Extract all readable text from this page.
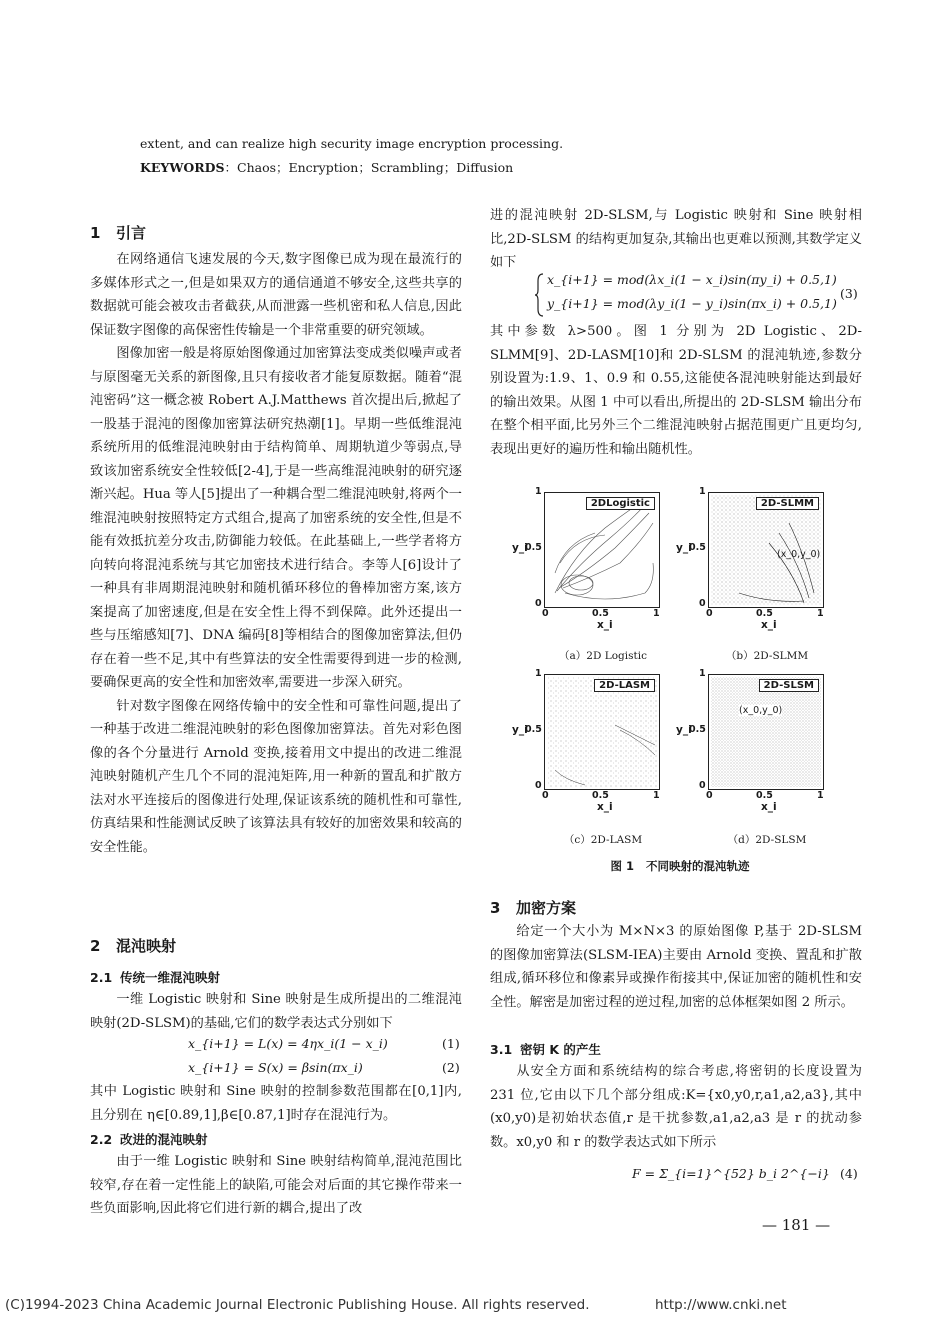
extent, and can realize high security image encryption processing.
KEYWORDS：Chaos；Encryption；Scrambling；Diffusion
1 引言

在网络通信飞速发展的今天,数字图像已成为现在最流行的多媒体形式之一,但是如果双方的通信通道不够安全,这些共享的数据就可能会被攻击者截获,从而泄露一些机密和私人信息,因此保证数字图像的高保密性传输是一个非常重要的研究领域。

图像加密一般是将原始图像通过加密算法变成类似噪声或者与原图毫无关系的新图像,且只有接收者才能复原数据。随着“混沌密码”这一概念被 Robert A.J.Matthews 首次提出后,掀起了一股基于混沌的图像加密算法研究热潮[1]。早期一些低维混沌系统所用的低维混沌映射由于结构简单、周期轨道少等弱点,导致该加密系统安全性较低[2-4],于是一些高维混沌映射的研究逐渐兴起。Hua 等人[5]提出了一种耦合型二维混沌映射,将两个一维混沌映射按照特定方式组合,提高了加密系统的安全性,但是不能有效抵抗差分攻击,防御能力较低。在此基础上,一些学者将方向转向将混沌系统与其它加密技术进行结合。李等人[6]设计了一种具有非周期混沌映射和随机循环移位的鲁棒加密方案,该方案提高了加密速度,但是在安全性上得不到保障。此外还提出一些与压缩感知[7]、DNA 编码[8]等相结合的图像加密算法,但仍存在着一些不足,其中有些算法的安全性需要得到进一步的检测,要确保更高的安全性和加密效率,需要进一步深入研究。

针对数字图像在网络传输中的安全性和可靠性问题,提出了一种基于改进二维混沌映射的彩色图像加密算法。首先对彩色图像的各个分量进行 Arnold 变换,接着用文中提出的改进二维混沌映射随机产生几个不同的混沌矩阵,用一种新的置乱和扩散方法对水平连接后的图像进行处理,保证该系统的随机性和可靠性,仿真结果和性能测试反映了该算法具有较好的加密效果和较高的安全性能。

2 混沌映射
2.1 传统一维混沌映射

一维 Logistic 映射和 Sine 映射是生成所提出的二维混沌映射(2D-SLSM)的基础,它们的数学表达式分别如下

x_{i+1} = L(x) = 4ηx_i(1 − x_i)	(1)
x_{i+1} = S(x) = βsin(πx_i)	(2)

其中 Logistic 映射和 Sine 映射的控制参数范围都在[0,1]内,且分别在 η∈[0.89,1],β∈[0.87,1]时存在混沌行为。

2.2 改进的混沌映射

由于一维 Logistic 映射和 Sine 映射结构简单,混沌范围比较窄,存在着一定性能上的缺陷,可能会对后面的其它操作带来一些负面影响,因此将它们进行新的耦合,提出了改

进的混沌映射 2D-SLSM,与 Logistic 映射和 Sine 映射相比,2D-SLSM 的结构更加复杂,其输出也更难以预测,其数学定义如下

x_{i+1} = mod(λx_i(1 − x_i)sin(πy_i) + 0.5,1)
y_{i+1} = mod(λy_i(1 − y_i)sin(πx_i) + 0.5,1)
(3)

其中参数 λ>500。图 1 分别为 2D Logistic、2D-SLMM[9]、2D-LASM[10]和 2D-SLSM 的混沌轨迹,参数分别设置为:1.9、1、0.9 和 0.55,这能使各混沌映射能达到最好的输出效果。从图 1 中可以看出,所提出的 2D-SLSM 输出分布在整个相平面,比另外三个二维混沌映射占据范围更广且更均匀,表现出更好的遍历性和输出随机性。

2DLogistic
1
0
0.5
y_i
0	0.5	1
x_i
（a）2D Logistic
2D-SLMM
(x_0,y_0)
1
0
0.5
y_i
0	0.5	1
x_i
（b）2D-SLMM
2D-LASM
1
0
0.5
y_i
0	0.5	1
x_i
（c）2D-LASM
2D-SLSM
(x_0,y_0)
1
0
0.5
y_i
0	0.5	1
x_i
（d）2D-SLSM
图 1 不同映射的混沌轨迹
3 加密方案

给定一个大小为 M×N×3 的原始图像 P,基于 2D-SLSM 的图像加密算法(SLSM-IEA)主要由 Arnold 变换、置乱和扩散组成,循环移位和像素异或操作衔接其中,保证加密的随机性和安全性。解密是加密过程的逆过程,加密的总体框架如图 2 所示。

3.1 密钥 K 的产生

从安全方面和系统结构的综合考虑,将密钥的长度设置为 231 位,它由以下几个部分组成:K={x0,y0,r,a1,a2,a3},其中(x0,y0)是初始状态值,r 是干扰参数,a1,a2,a3 是 r 的扰动参数。x0,y0 和 r 的数学表达式如下所示

F = Σ_{i=1}^{52} b_i 2^{−i} (4)
— 181 —
(C)1994-2023 China Academic Journal Electronic Publishing House. All rights reserved.	http://www.cnki.net
